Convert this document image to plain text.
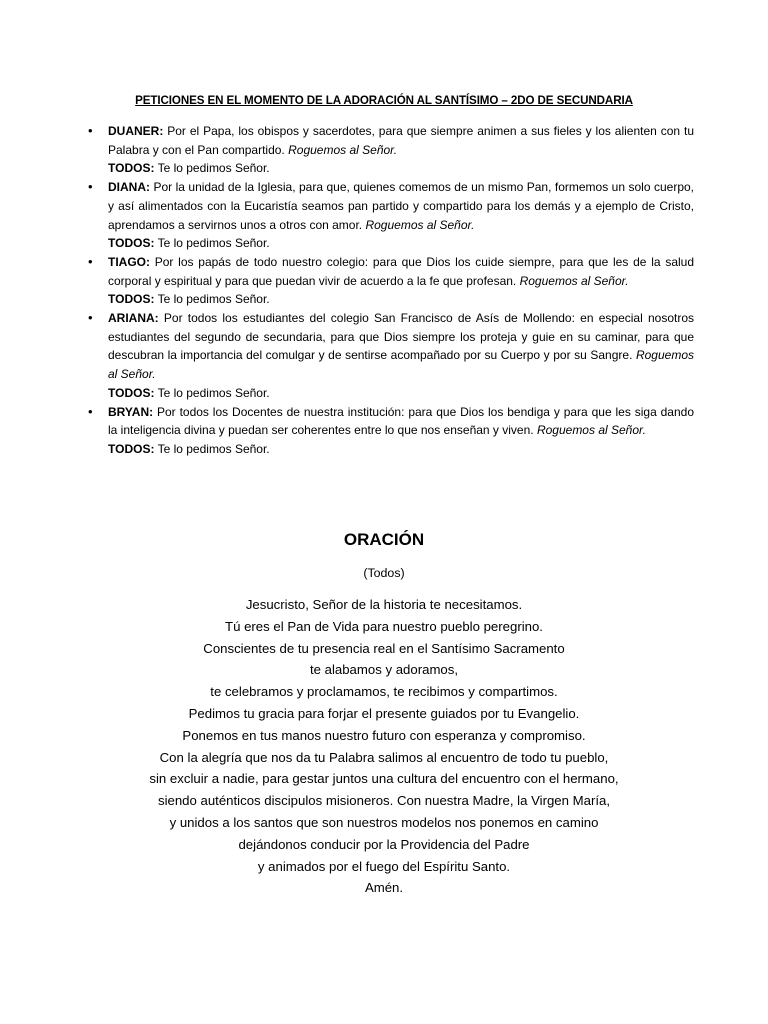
PETICIONES EN EL MOMENTO DE LA ADORACIÓN AL SANTÍSIMO – 2DO DE SECUNDARIA
• DUANER: Por el Papa, los obispos y sacerdotes, para que siempre animen a sus fieles y los alienten con tu Palabra y con el Pan compartido. Roguemos al Señor.
TODOS: Te lo pedimos Señor.
• DIANA: Por la unidad de la Iglesia, para que, quienes comemos de un mismo Pan, formemos un solo cuerpo, y así alimentados con la Eucaristía seamos pan partido y compartido para los demás y a ejemplo de Cristo, aprendamos a servirnos unos a otros con amor. Roguemos al Señor.
TODOS: Te lo pedimos Señor.
• TIAGO: Por los papás de todo nuestro colegio: para que Dios los cuide siempre, para que les de la salud corporal y espiritual y para que puedan vivir de acuerdo a la fe que profesan. Roguemos al Señor.
TODOS: Te lo pedimos Señor.
• ARIANA: Por todos los estudiantes del colegio San Francisco de Asís de Mollendo: en especial nosotros estudiantes del segundo de secundaria, para que Dios siempre los proteja y guie en su caminar, para que descubran la importancia del comulgar y de sentirse acompañado por su Cuerpo y por su Sangre. Roguemos al Señor.
TODOS: Te lo pedimos Señor.
• BRYAN: Por todos los Docentes de nuestra institución: para que Dios los bendiga y para que les siga dando la inteligencia divina y puedan ser coherentes entre lo que nos enseñan y viven. Roguemos al Señor.
TODOS: Te lo pedimos Señor.
ORACIÓN
(Todos)
Jesucristo, Señor de la historia te necesitamos.
Tú eres el Pan de Vida para nuestro pueblo peregrino.
Conscientes de tu presencia real en el Santísimo Sacramento
te alabamos y adoramos,
te celebramos y proclamamos, te recibimos y compartimos.
Pedimos tu gracia para forjar el presente guiados por tu Evangelio.
Ponemos en tus manos nuestro futuro con esperanza y compromiso.
Con la alegría que nos da tu Palabra salimos al encuentro de todo tu pueblo,
sin excluir a nadie, para gestar juntos una cultura del encuentro con el hermano,
siendo auténticos discipulos misioneros. Con nuestra Madre, la Virgen María,
y unidos a los santos que son nuestros modelos nos ponemos en camino
dejándonos conducir por la Providencia del Padre
y animados por el fuego del Espíritu Santo.
Amén.
